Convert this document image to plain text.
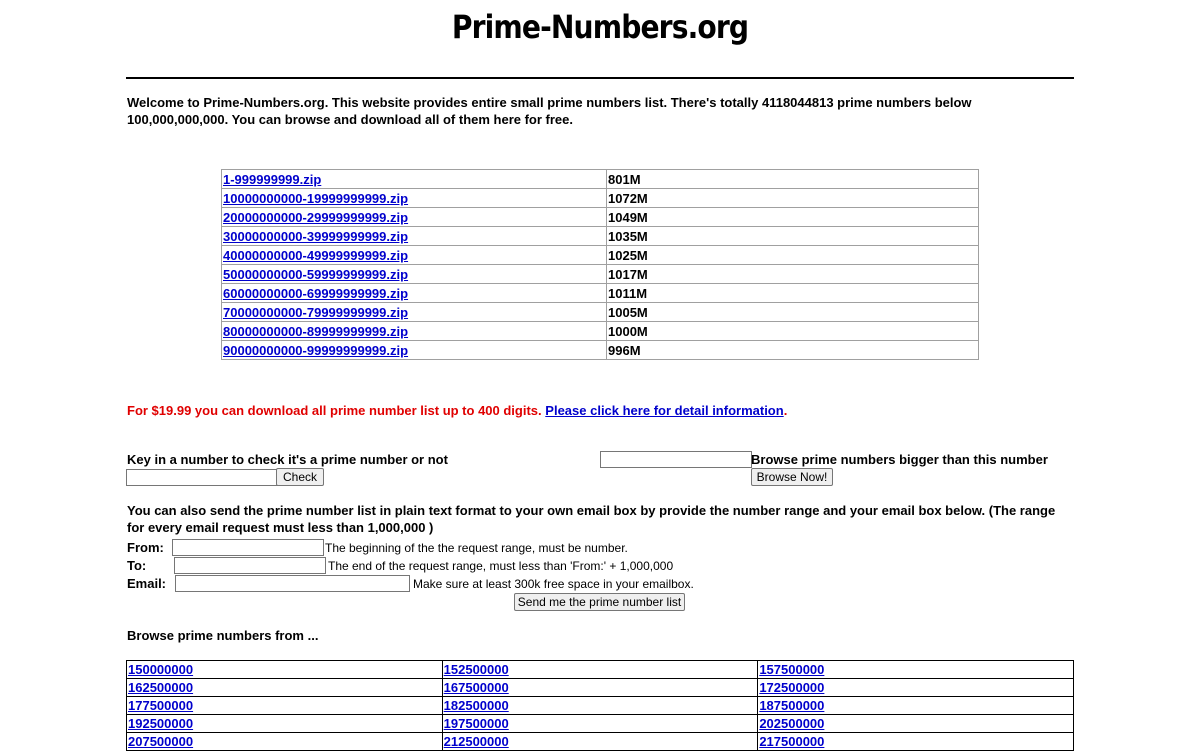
Prime-Numbers.org
Welcome to Prime-Numbers.org. This website provides entire small prime numbers list. There's totally 4118044813 prime numbers below 100,000,000,000. You can browse and download all of them here for free.
1-999999999.zip	801M
10000000000-19999999999.zip	1072M
20000000000-29999999999.zip	1049M
30000000000-39999999999.zip	1035M
40000000000-49999999999.zip	1025M
50000000000-59999999999.zip	1017M
60000000000-69999999999.zip	1011M
70000000000-79999999999.zip	1005M
80000000000-89999999999.zip	1000M
90000000000-99999999999.zip	996M
For $19.99 you can download all prime number list up to 400 digits. Please click here for detail information.
Key in a number to check it's a prime number or not
Check
Browse prime numbers bigger than this number
Browse Now!
You can also send the prime number list in plain text format to your own email box by provide the number range and your email box below. (The range for every email request must less than 1,000,000 )
From:	The beginning of the the request range, must be number.
To:	The end of the request range, must less than 'From:' + 1,000,000
Email:	Make sure at least 300k free space in your emailbox.
Send me the prime number list
Browse prime numbers from ...
150000000	152500000	157500000
162500000	167500000	172500000
177500000	182500000	187500000
192500000	197500000	202500000
207500000	212500000	217500000
